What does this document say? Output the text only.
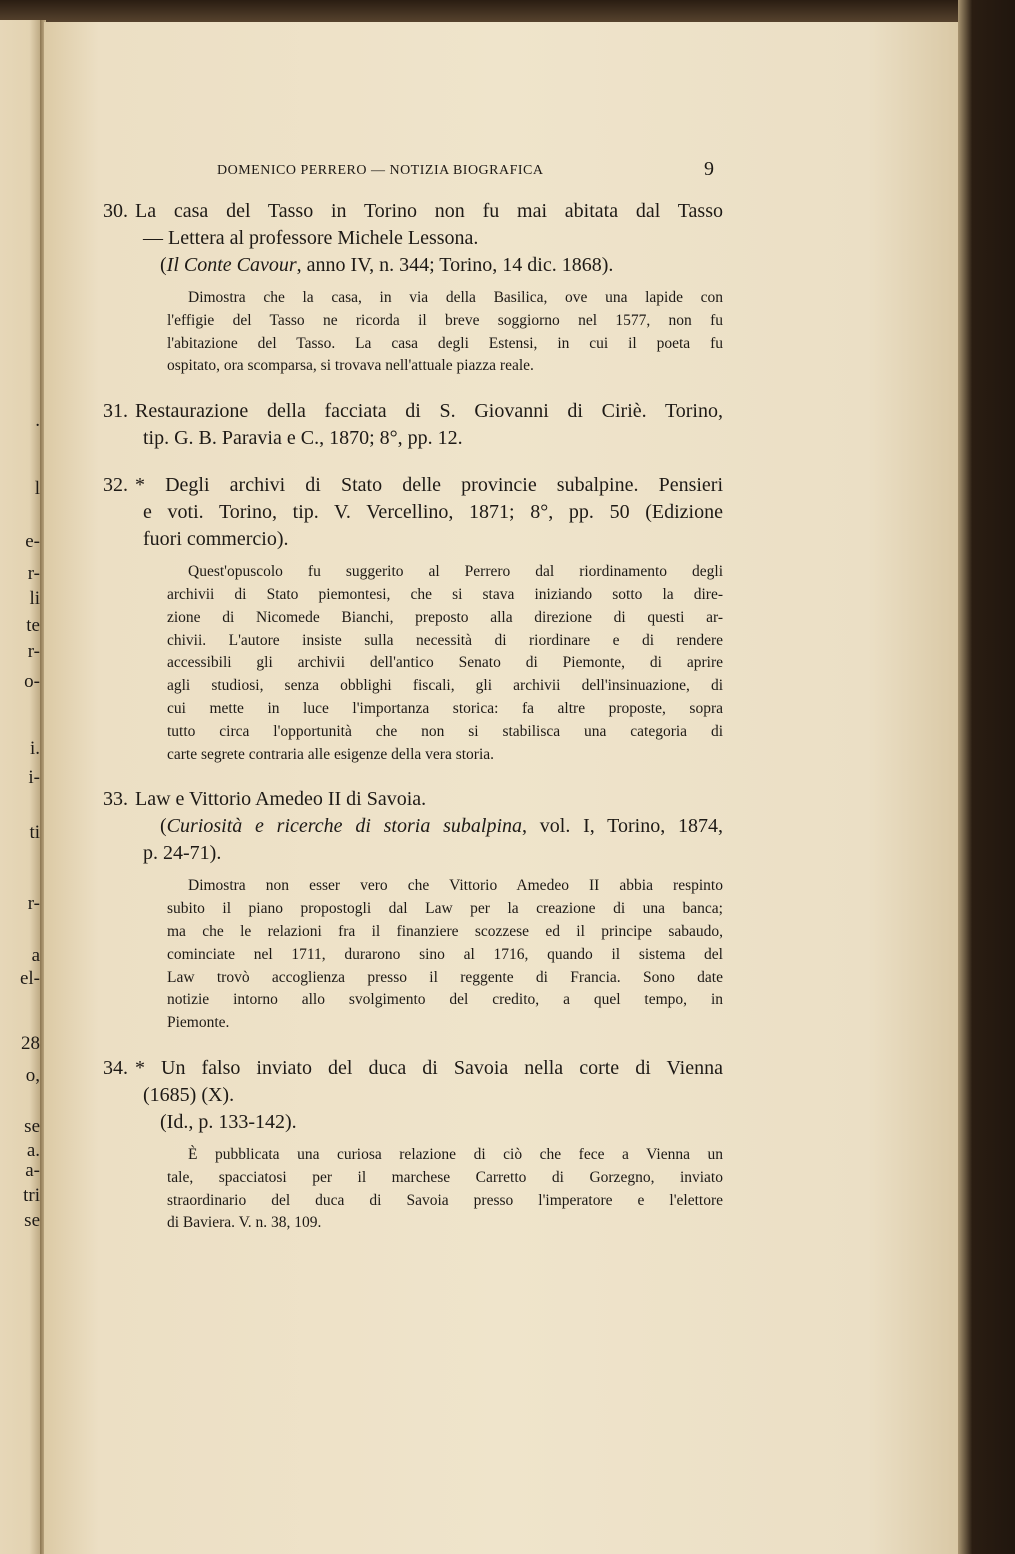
.
l
e-
r-
li
te
r-
o-
i.
i-
ti
r-
a
el-
28
o,
se
a.
a-
tri
se
DOMENICO PERRERO — NOTIZIA BIOGRAFICA	9
30. La casa del Tasso in Torino non fu mai abitata dal Tasso
— Lettera al professore Michele Lessona.
(Il Conte Cavour, anno IV, n. 344; Torino, 14 dic. 1868).
Dimostra che la casa, in via della Basilica, ove una lapide con
l'effigie del Tasso ne ricorda il breve soggiorno nel 1577, non fu
l'abitazione del Tasso. La casa degli Estensi, in cui il poeta fu
ospitato, ora scomparsa, si trovava nell'attuale piazza reale.
31. Restaurazione della facciata di S. Giovanni di Ciriè. Torino,
tip. G. B. Paravia e C., 1870; 8°, pp. 12.
32. * Degli archivi di Stato delle provincie subalpine. Pensieri
e voti. Torino, tip. V. Vercellino, 1871; 8°, pp. 50 (Edizione
fuori commercio).
Quest'opuscolo fu suggerito al Perrero dal riordinamento degli
archivii di Stato piemontesi, che si stava iniziando sotto la dire-
zione di Nicomede Bianchi, preposto alla direzione di questi ar-
chivii. L'autore insiste sulla necessità di riordinare e di rendere
accessibili gli archivii dell'antico Senato di Piemonte, di aprire
agli studiosi, senza obblighi fiscali, gli archivii dell'insinuazione, di
cui mette in luce l'importanza storica: fa altre proposte, sopra
tutto circa l'opportunità che non si stabilisca una categoria di
carte segrete contraria alle esigenze della vera storia.
33. Law e Vittorio Amedeo II di Savoia.
(Curiosità e ricerche di storia subalpina, vol. I, Torino, 1874,
p. 24-71).
Dimostra non esser vero che Vittorio Amedeo II abbia respinto
subito il piano propostogli dal Law per la creazione di una banca;
ma che le relazioni fra il finanziere scozzese ed il principe sabaudo,
cominciate nel 1711, durarono sino al 1716, quando il sistema del
Law trovò accoglienza presso il reggente di Francia. Sono date
notizie intorno allo svolgimento del credito, a quel tempo, in
Piemonte.
34. * Un falso inviato del duca di Savoia nella corte di Vienna
(1685) (X).
(Id., p. 133-142).
È pubblicata una curiosa relazione di ciò che fece a Vienna un
tale, spacciatosi per il marchese Carretto di Gorzegno, inviato
straordinario del duca di Savoia presso l'imperatore e l'elettore
di Baviera. V. n. 38, 109.
